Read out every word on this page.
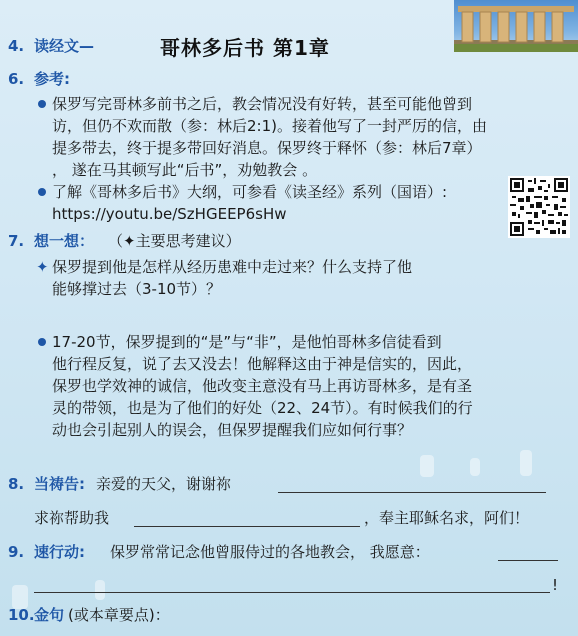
4. 读经文—	哥林多后书 第1章
6. 参考:
保罗写完哥林多前书之后，教会情况没有好转，甚至可能他曾到
访，但仍不欢而散（参：林后2:1)。接着他写了一封严厉的信，由
提多带去，终于提多带回好消息。保罗终于释怀（参：林后7章）
， 遂在马其顿写此“后书”，劝勉教会 。
了解《哥林多后书》大纲，可参看《读圣经》系列（国语）:
https://youtu.be/SzHGEEP6sHw
7. 想一想： （✦主要思考建议）
✦ 保罗提到他是怎样从经历患难中走过来？什么支持了他
能够撑过去（3-10节）？
17-20节，保罗提到的“是”与“非”，是他怕哥林多信徒看到
他行程反复，说了去又没去！他解释这由于神是信实的，因此，
保罗也学效神的诚信，他改变主意没有马上再访哥林多，是有圣
灵的带领，也是为了他们的好处（22、24节）。有时候我们的行
动也会引起别人的误会，但保罗提醒我们应如何行事？
8. 当祷告: 亲爱的天父，谢谢祢
求祢帮助我	，奉主耶稣名求，阿们！
9. 速行动: 保罗常常记念他曾服侍过的各地教会， 我愿意：
!
10. 金句 (或本章要点)：
